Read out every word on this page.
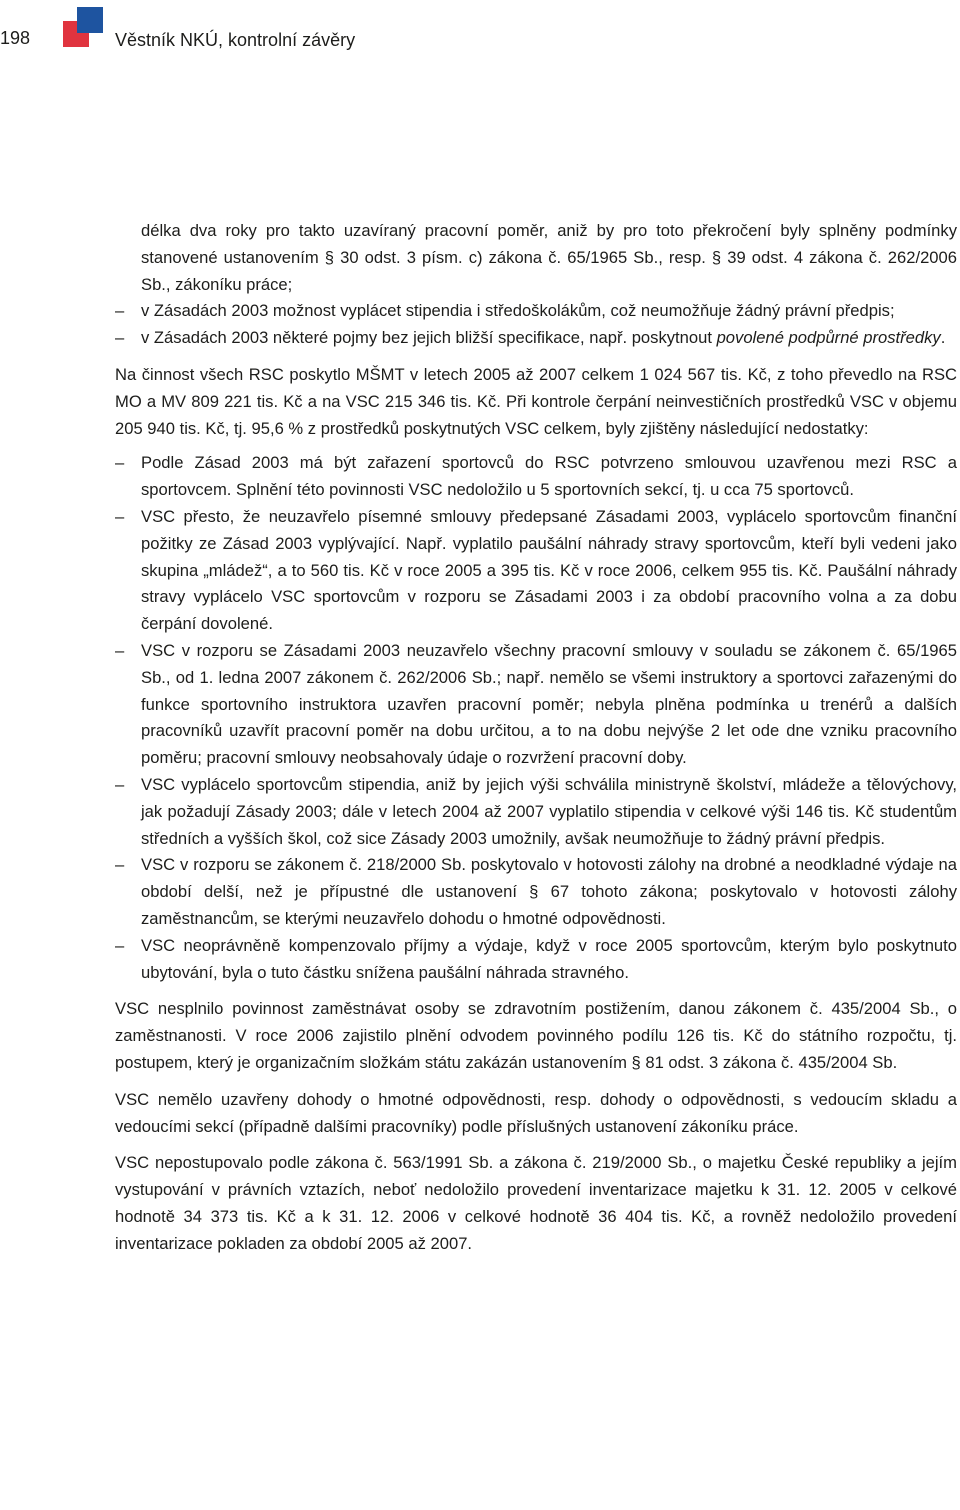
198	Věstník NKÚ, kontrolní závěry

délka dva roky pro takto uzavíraný pracovní poměr, aniž by pro toto překročení byly splněny podmínky stanovené ustanovením § 30 odst. 3 písm. c) zákona č. 65/1965 Sb., resp. § 39 odst. 4 zákona č. 262/2006 Sb., zákoníku práce;

– v Zásadách 2003 možnost vyplácet stipendia i středoškolákům, což neumožňuje žádný právní předpis;
– v Zásadách 2003 některé pojmy bez jejich bližší specifikace, např. poskytnout povolené podpůrné prostředky.

Na činnost všech RSC poskytlo MŠMT v letech 2005 až 2007 celkem 1 024 567 tis. Kč, z toho převedlo na RSC MO a MV 809 221 tis. Kč a na VSC 215 346 tis. Kč. Při kontrole čerpání neinvestičních prostředků VSC v objemu 205 940 tis. Kč, tj. 95,6 % z prostředků poskytnutých VSC celkem, byly zjištěny následující nedostatky:

– Podle Zásad 2003 má být zařazení sportovců do RSC potvrzeno smlouvou uzavřenou mezi RSC a sportovcem. Splnění této povinnosti VSC nedoložilo u 5 sportovních sekcí, tj. u cca 75 sportovců.
– VSC přesto, že neuzavřelo písemné smlouvy předepsané Zásadami 2003, vyplácelo sportovcům finanční požitky ze Zásad 2003 vyplývající. Např. vyplatilo paušální náhrady stravy sportovcům, kteří byli vedeni jako skupina „mládež“, a to 560 tis. Kč v roce 2005 a 395 tis. Kč v roce 2006, celkem 955 tis. Kč. Paušální náhrady stravy vyplácelo VSC sportovcům v rozporu se Zásadami 2003 i za období pracovního volna a za dobu čerpání dovolené.
– VSC v rozporu se Zásadami 2003 neuzavřelo všechny pracovní smlouvy v souladu se zákonem č. 65/1965 Sb., od 1. ledna 2007 zákonem č. 262/2006 Sb.; např. nemělo se všemi instruktory a sportovci zařazenými do funkce sportovního instruktora uzavřen pracovní poměr; nebyla plněna podmínka u trenérů a dalších pracovníků uzavřít pracovní poměr na dobu určitou, a to na dobu nejvýše 2 let ode dne vzniku pracovního poměru; pracovní smlouvy neobsahovaly údaje o rozvržení pracovní doby.
– VSC vyplácelo sportovcům stipendia, aniž by jejich výši schválila ministryně školství, mládeže a tělovýchovy, jak požadují Zásady 2003; dále v letech 2004 až 2007 vyplatilo stipendia v celkové výši 146 tis. Kč studentům středních a vyšších škol, což sice Zásady 2003 umožnily, avšak neumožňuje to žádný právní předpis.
– VSC v rozporu se zákonem č. 218/2000 Sb. poskytovalo v hotovosti zálohy na drobné a neodkladné výdaje na období delší, než je přípustné dle ustanovení § 67 tohoto zákona; poskytovalo v hotovosti zálohy zaměstnancům, se kterými neuzavřelo dohodu o hmotné odpovědnosti.
– VSC neoprávněně kompenzovalo příjmy a výdaje, když v roce 2005 sportovcům, kterým bylo poskytnuto ubytování, byla o tuto částku snížena paušální náhrada stravného.

VSC nesplnilo povinnost zaměstnávat osoby se zdravotním postižením, danou zákonem č. 435/2004 Sb., o zaměstnanosti. V roce 2006 zajistilo plnění odvodem povinného podílu 126 tis. Kč do státního rozpočtu, tj. postupem, který je organizačním složkám státu zakázán ustanovením § 81 odst. 3 zákona č. 435/2004 Sb.

VSC nemělo uzavřeny dohody o hmotné odpovědnosti, resp. dohody o odpovědnosti, s vedoucím skladu a vedoucími sekcí (případně dalšími pracovníky) podle příslušných ustanovení zákoníku práce.

VSC nepostupovalo podle zákona č. 563/1991 Sb. a zákona č. 219/2000 Sb., o majetku České republiky a jejím vystupování v právních vztazích, neboť nedoložilo provedení inventarizace majetku k 31. 12. 2005 v celkové hodnotě 34 373 tis. Kč a k 31. 12. 2006 v celkové hodnotě 36 404 tis. Kč, a rovněž nedoložilo provedení inventarizace pokladen za období 2005 až 2007.
